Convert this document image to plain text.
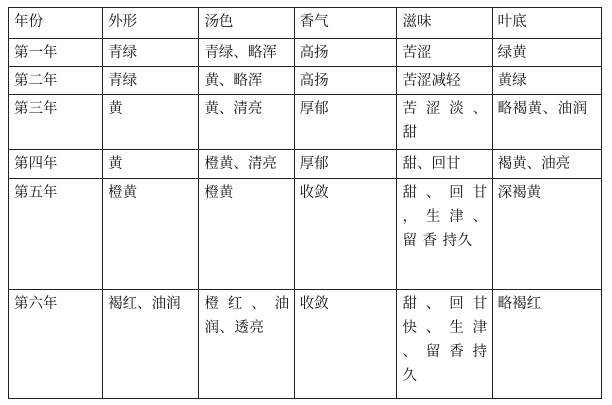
年份	外形	汤色	香气	滋味	叶底
第一年	青绿	青绿、略浑	高扬	苦涩	绿黄
第二年	青绿	黄、略浑	高扬	苦涩减轻	黄绿
第三年	黄	黄、清亮	厚郁	苦 涩 淡 、 甜	略褐黄、油润
第四年	黄	橙黄、清亮	厚郁	甜、回甘	褐黄、油亮
第五年	橙黄	橙黄	收敛	甜 、 回 甘 ， 生 津 、 留 香 持久	深褐黄
第六年	褐红、油润	橙 红 、 油 润、透亮	收敛	甜 、 回 甘 快 、 生 津 、 留 香 持久	略褐红
